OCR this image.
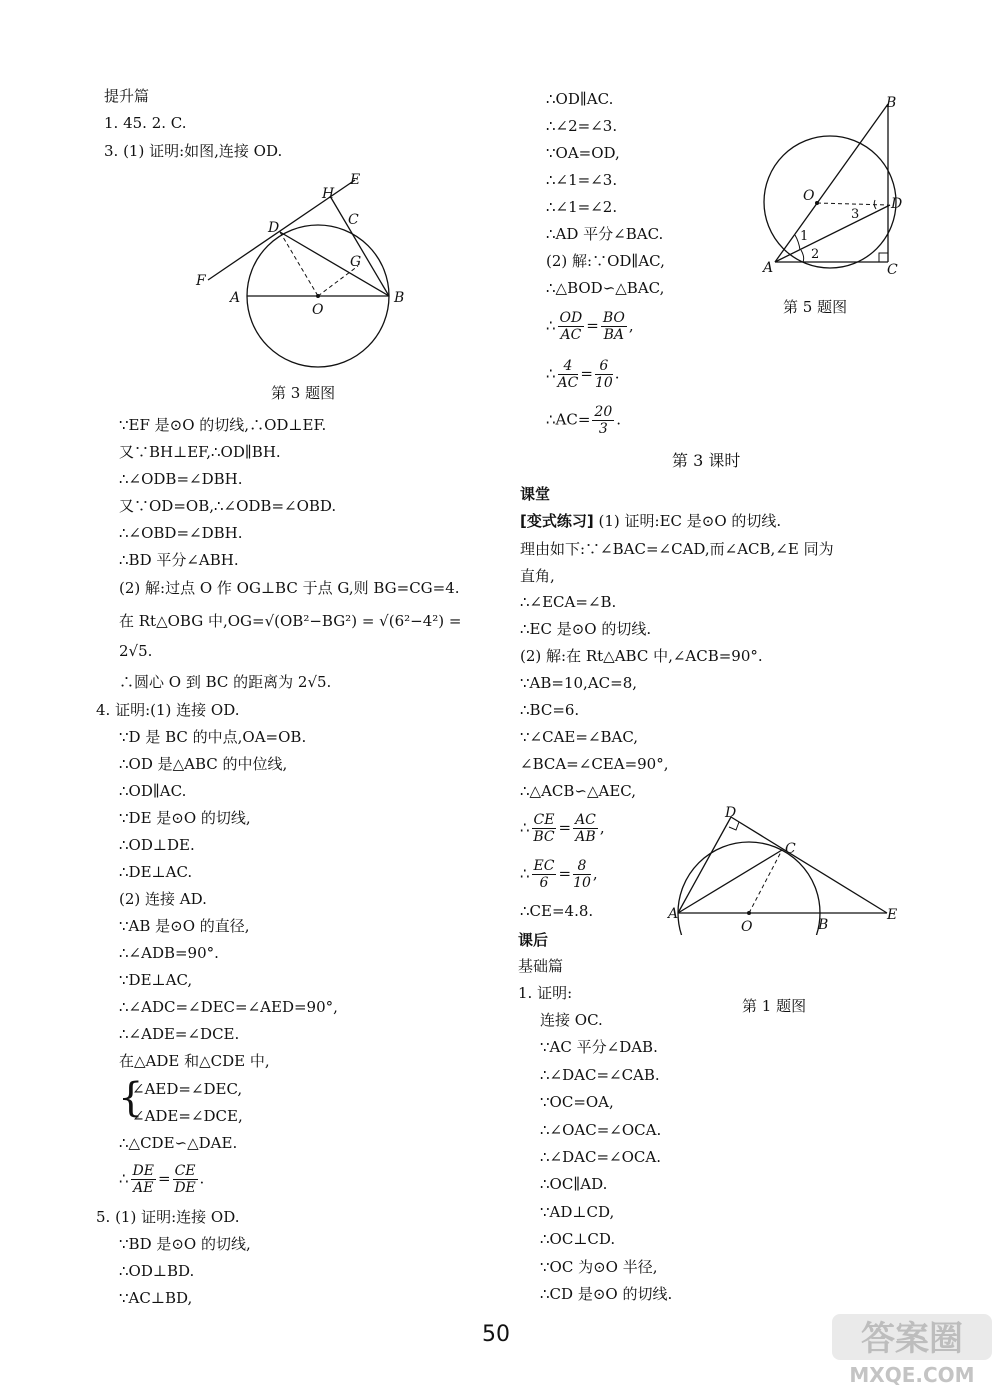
提升篇
1. 45. 2. C.
3. (1) 证明:如图,连接 OD.
E
H
C
D
G
F
A
O
B
第 3 题图
∵EF 是⊙O 的切线,∴OD⊥EF.
又∵BH⊥EF,∴OD∥BH.
∴∠ODB=∠DBH.
又∵OD=OB,∴∠ODB=∠OBD.
∴∠OBD=∠DBH.
∴BD 平分∠ABH.
(2) 解:过点 O 作 OG⊥BC 于点 G,则 BG=CG=4.
在 Rt△OBG 中,OG=√(OB²−BG²) = √(6²−4²) =
2√5.
∴圆心 O 到 BC 的距离为 2√5.
4. 证明:(1) 连接 OD.
∵D 是 BC 的中点,OA=OB.
∴OD 是△ABC 的中位线,
∴OD∥AC.
∵DE 是⊙O 的切线,
∴OD⊥DE.
∴DE⊥AC.
(2) 连接 AD.
∵AB 是⊙O 的直径,
∴∠ADB=90°.
∵DE⊥AC,
∴∠ADC=∠DEC=∠AED=90°,
∴∠ADE=∠DCE.
在△ADE 和△CDE 中,
{
∠AED=∠DEC,
∠ADE=∠DCE,
∴△CDE∽△DAE.
∴ $\frac{DE}{AE} = \frac{CE}{DE}$ .
5. (1) 证明:连接 OD.
∵BD 是⊙O 的切线,
∴OD⊥BD.
∵AC⊥BD,
∴OD∥AC.
∴∠2=∠3.
∵OA=OD,
∴∠1=∠3.
∴∠1=∠2.
∴AD 平分∠BAC.
(2) 解:∵OD∥AC,
∴△BOD∽△BAC,
∴ $\frac{OD}{AC} = \frac{BO}{BA}$ ,
∴ $\frac{4}{AC} = \frac{6}{10}$ .
∴AC= $\frac{20}{3}$ .
B
O	D
3
1
2
A	C
第 5 题图
第 3 课时
课堂
[变式练习] (1) 证明:EC 是⊙O 的切线.
理由如下:∵∠BAC=∠CAD,而∠ACB,∠E 同为
直角,
∴∠ECA=∠B.
∴EC 是⊙O 的切线.
(2) 解:在 Rt△ABC 中,∠ACB=90°.
∵AB=10,AC=8,
∴BC=6.
∵∠CAE=∠BAC,
∠BCA=∠CEA=90°,
∴△ACB∽△AEC,
∴ $\frac{CE}{BC} = \frac{AC}{AB}$ ,
∴ $\frac{EC}{6} = \frac{8}{10}$ ,
∴CE=4.8.
课后
基础篇
1. 证明:
连接 OC.
∵AC 平分∠DAB.
∴∠DAC=∠CAB.
∵OC=OA,
∴∠OAC=∠OCA.
∴∠DAC=∠OCA.
∴OC∥AD.
∵AD⊥CD,
∴OC⊥CD.
∵OC 为⊙O 半径,
∴CD 是⊙O 的切线.
D
C
A
O	B
E
第 1 题图
50	答案圈
MXQE.COM
